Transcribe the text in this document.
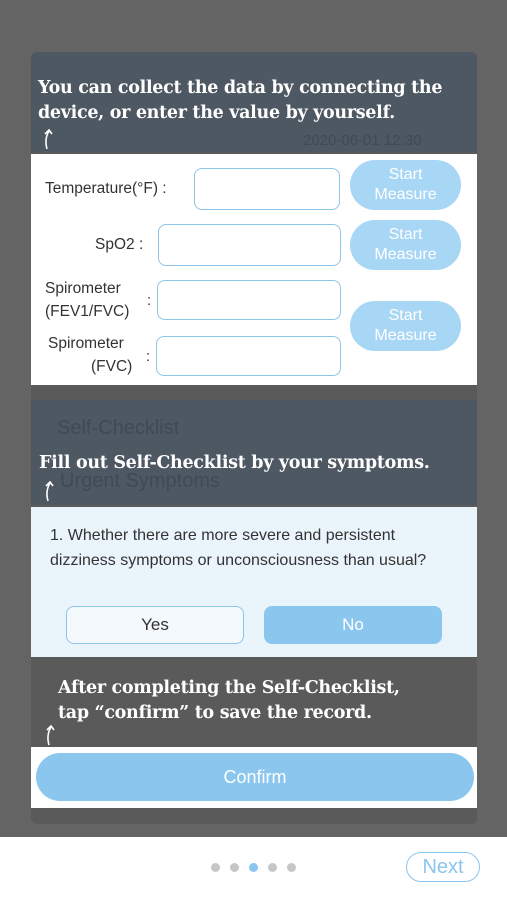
2020-06-01 12:30
You can collect the data by connecting the
device, or enter the value by yourself.
Temperature(°F) :
Start
Measure
SpO2 :
Start
Measure
Spirometer
(FEV1/FVC)
:
Spirometer
(FVC)
:
Start
Measure
Self-Checklist
Urgent Symptoms
Fill out Self-Checklist by your symptoms.
1. Whether there are more severe and persistent dizziness symptoms or unconsciousness than usual?
Yes	No
After completing the Self-Checklist,
tap “confirm” to save the record.
Confirm
Next
